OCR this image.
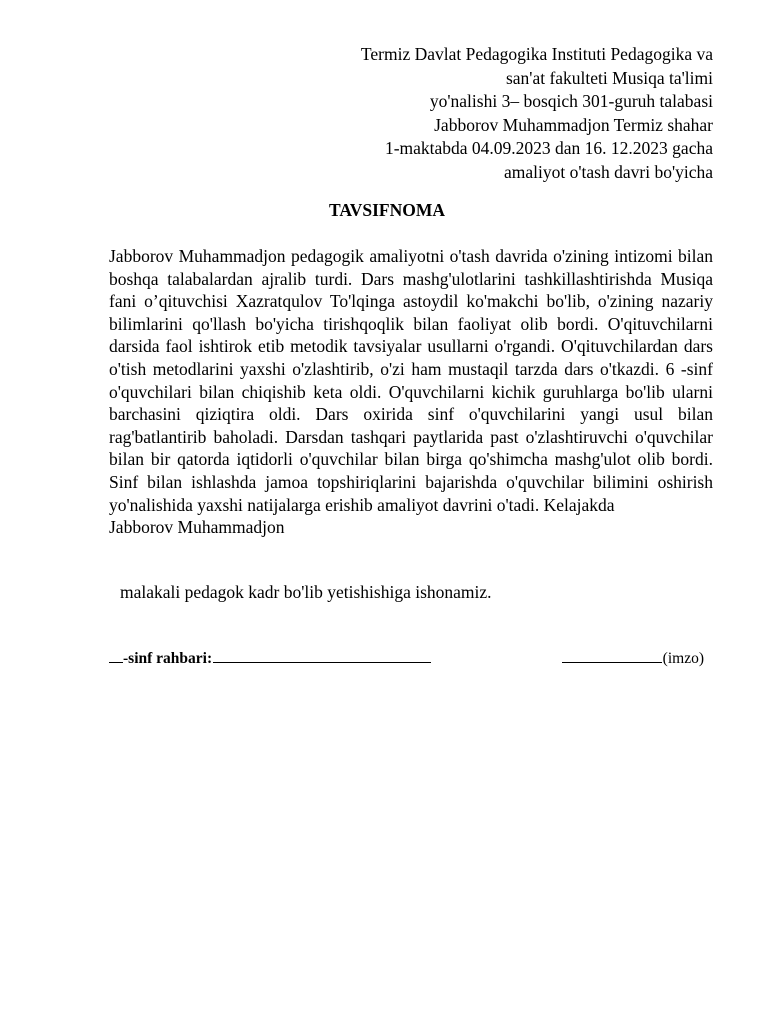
Termiz Davlat Pedagogika Instituti Pedagogika va
san'at fakulteti Musiqa ta'limi
yo'nalishi 3– bosqich 301-guruh talabasi
Jabborov Muhammadjon Termiz shahar
1-maktabda 04.09.2023 dan 16. 12.2023 gacha
amaliyot o'tash davri bo'yicha
TAVSIFNOMA

Jabborov Muhammadjon pedagogik amaliyotni o'tash davrida o'zining intizomi bilan boshqa talabalardan ajralib turdi. Dars mashg'ulotlarini tashkillashtirishda Musiqa fani o’qituvchisi Xazratqulov To'lqinga astoydil ko'makchi bo'lib, o'zining nazariy bilimlarini qo'llash bo'yicha tirishqoqlik bilan faoliyat olib bordi. O'qituvchilarni darsida faol ishtirok etib metodik tavsiyalar usullarni o'rgandi. O'qituvchilardan dars o'tish metodlarini yaxshi o'zlashtirib, o'zi ham mustaqil tarzda dars o'tkazdi. 6 -sinf o'quvchilari bilan chiqishib keta oldi. O'quvchilarni kichik guruhlarga bo'lib ularni barchasini qiziqtira oldi. Dars oxirida sinf o'quvchilarini yangi usul bilan rag'batlantirib baholadi. Darsdan tashqari paytlarida past o'zlashtiruvchi o'quvchilar bilan bir qatorda iqtidorli o'quvchilar bilan birga qo'shimcha mashg'ulot olib bordi. Sinf bilan ishlashda jamoa topshiriqlarini bajarishda o'quvchilar bilimini oshirish yo'nalishida yaxshi natijalarga erishib amaliyot davrini o'tadi. Kelajakda

Jabborov Muhammadjon
malakali pedagok kadr bo'lib yetishishiga ishonamiz.
-sinf rahbari:	(imzo)
